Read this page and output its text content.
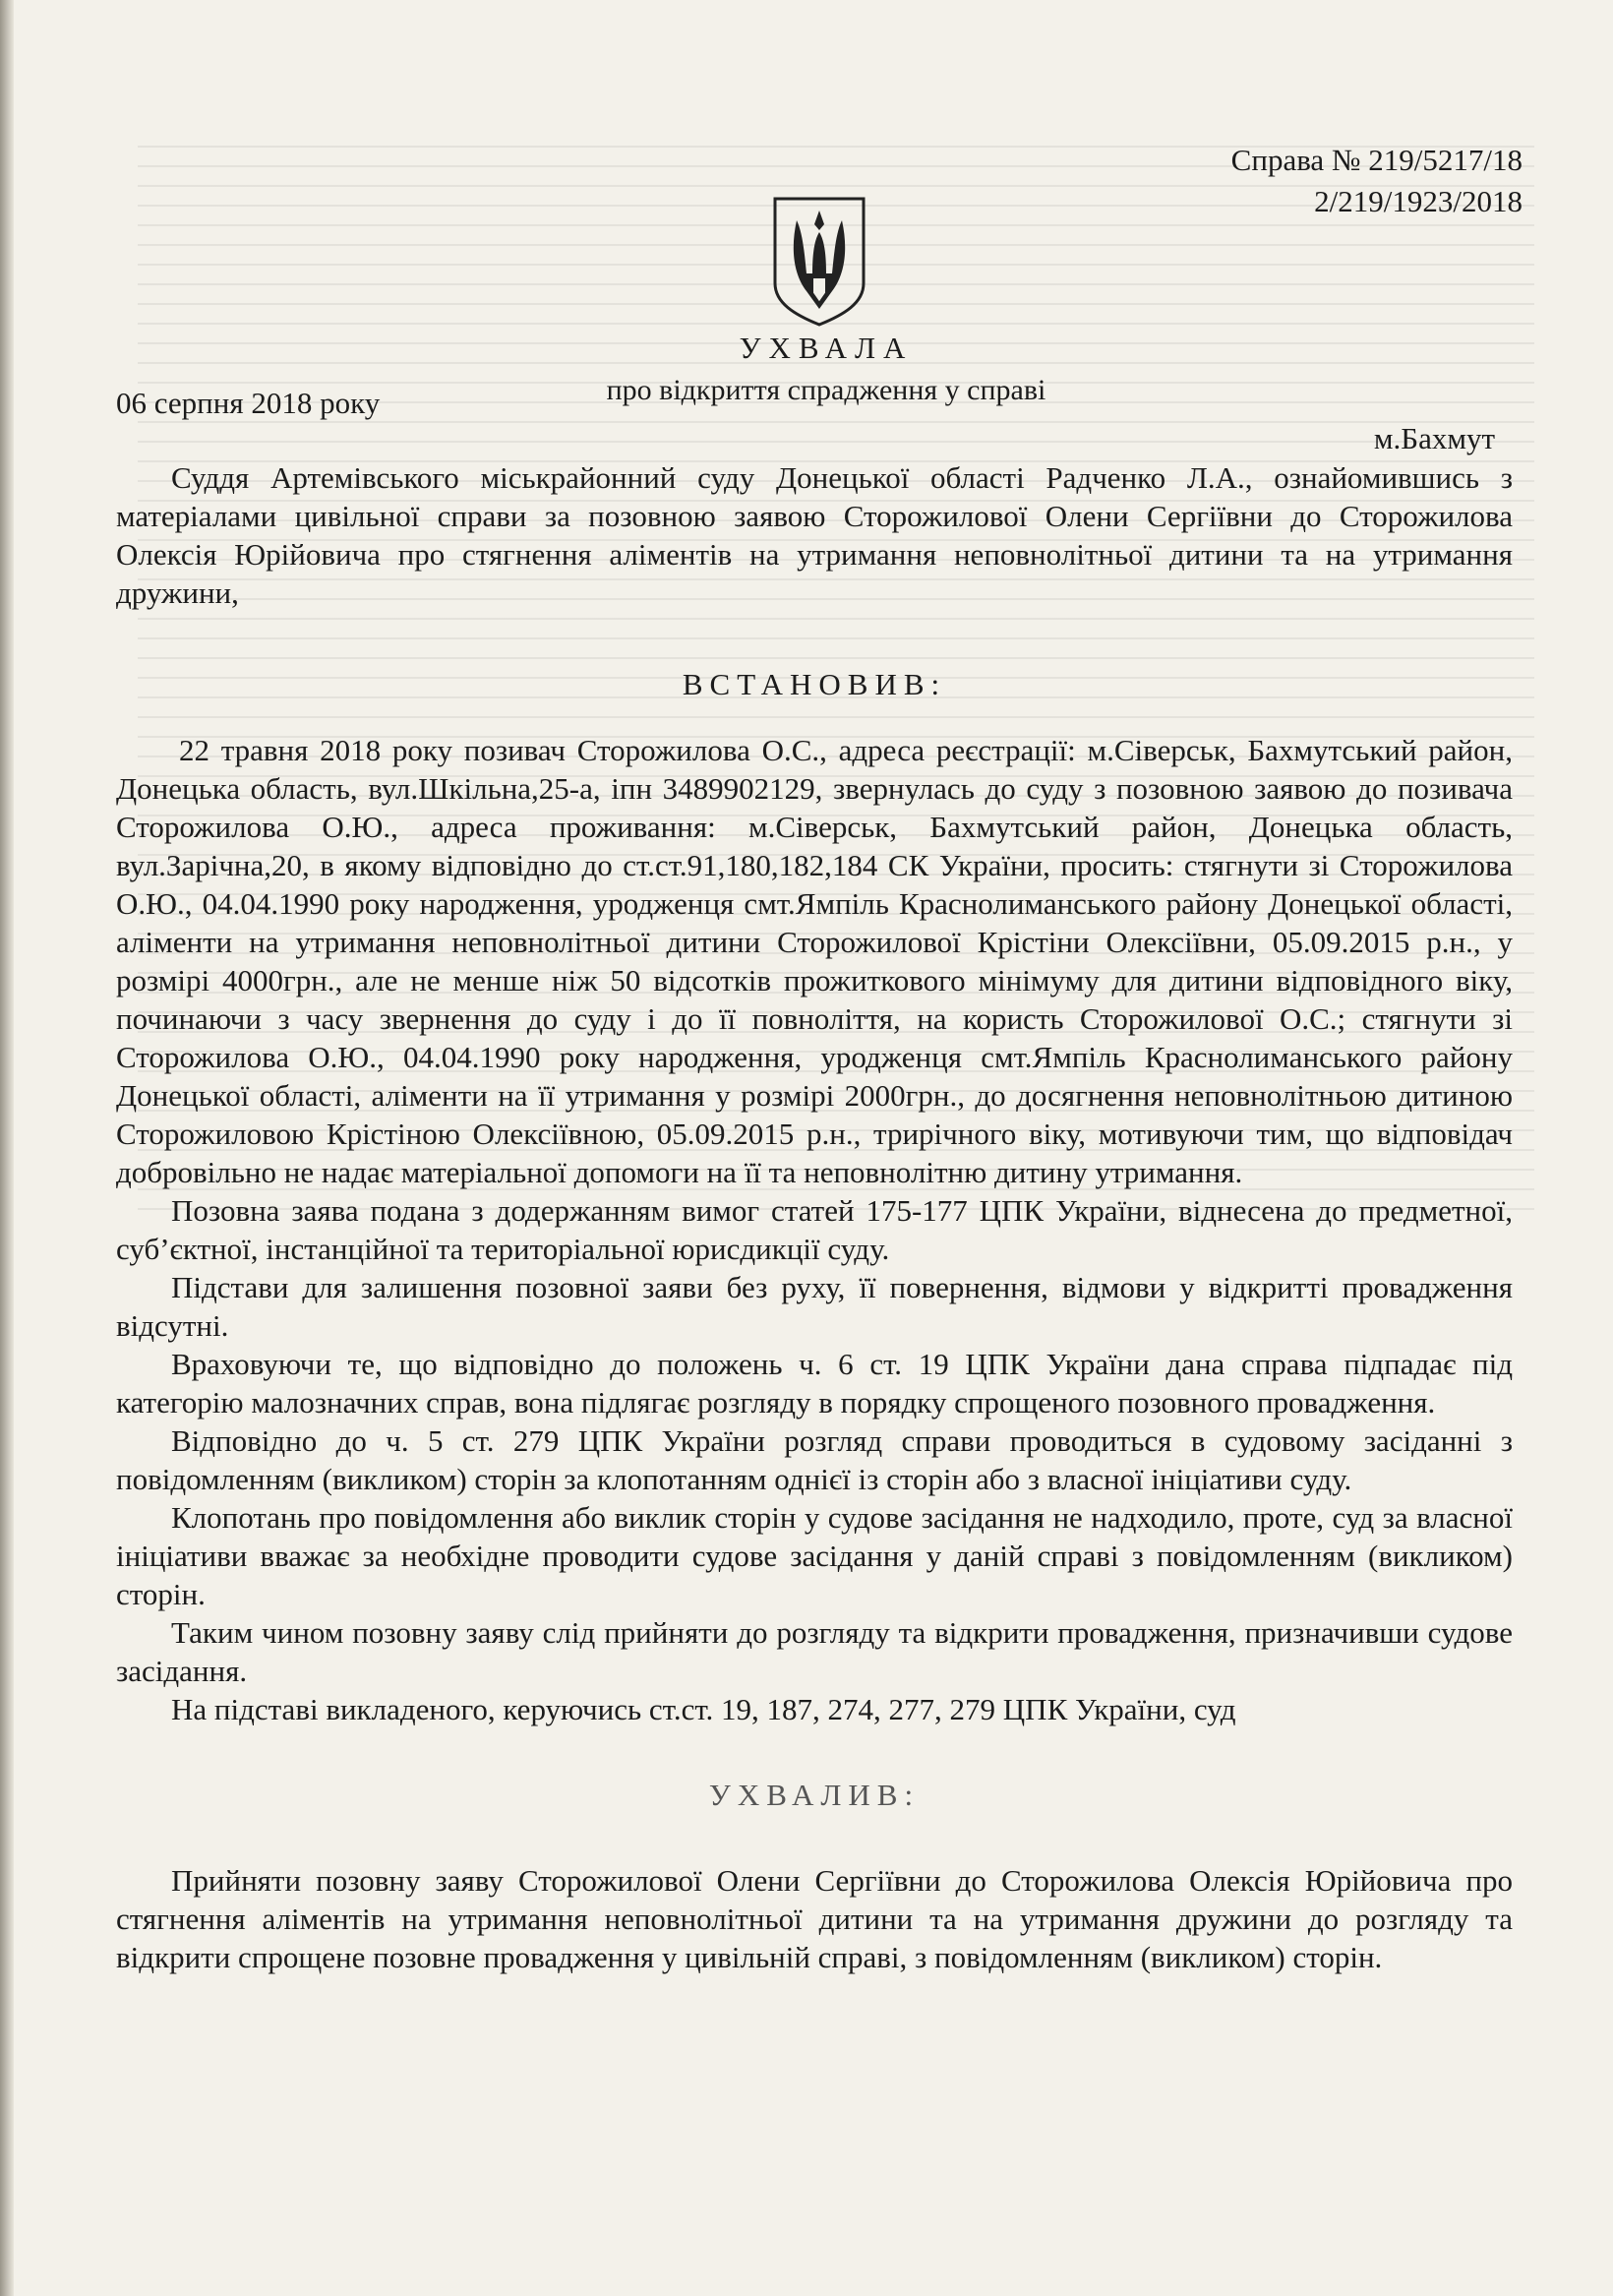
Справа № 219/5217/18
2/219/1923/2018
УХВАЛА
про відкриття спрадження у справі
06 серпня 2018 року
м.Бахмут

Суддя Артемівського міськрайонний суду Донецької області Радченко Л.А., ознайомившись з матеріалами цивільної справи за позовною заявою Сторожилової Олени Сергіївни до Сторожилова Олексія Юрійовича про стягнення аліментів на утримання неповнолітньої дитини та на утримання дружини,

ВСТАНОВИВ:

22 травня 2018 року позивач Сторожилова О.С., адреса реєстрації: м.Сіверськ, Бахмутський район, Донецька область, вул.Шкільна,25-а, іпн 3489902129, звернулась до суду з позовною заявою до позивача Сторожилова О.Ю., адреса проживання: м.Сіверськ, Бахмутський район, Донецька область, вул.Зарічна,20, в якому відповідно до ст.ст.91,180,182,184 СК України, просить: стягнути зі Сторожилова О.Ю., 04.04.1990 року народження, уродженця смт.Ямпіль Краснолиманського району Донецької області, аліменти на утримання неповнолітньої дитини Сторожилової Крістіни Олексіївни, 05.09.2015 р.н., у розмірі 4000грн., але не менше ніж 50 відсотків прожиткового мінімуму для дитини відповідного віку, починаючи з часу звернення до суду і до її повноліття, на користь Сторожилової О.С.; стягнути зі Сторожилова О.Ю., 04.04.1990 року народження, уродженця смт.Ямпіль Краснолиманського району Донецької області, аліменти на її утримання у розмірі 2000грн., до досягнення неповнолітньою дитиною Сторожиловою Крістіною Олексіївною, 05.09.2015 р.н., трирічного віку, мотивуючи тим, що відповідач добровільно не надає матеріальної допомоги на її та неповнолітню дитину утримання.

Позовна заява подана з додержанням вимог статей 175-177 ЦПК України, віднесена до предметної, суб’єктної, інстанційної та територіальної юрисдикції суду.

Підстави для залишення позовної заяви без руху, її повернення, відмови у відкритті провадження відсутні.

Враховуючи те, що відповідно до положень ч. 6 ст. 19 ЦПК України дана справа підпадає під категорію малозначних справ, вона підлягає розгляду в порядку спрощеного позовного провадження.

Відповідно до ч. 5 ст. 279 ЦПК України розгляд справи проводиться в судовому засіданні з повідомленням (викликом) сторін за клопотанням однієї із сторін або з власної ініціативи суду.

Клопотань про повідомлення або виклик сторін у судове засідання не надходило, проте, суд за власної ініціативи вважає за необхідне проводити судове засідання у даній справі з повідомленням (викликом) сторін.

Таким чином позовну заяву слід прийняти до розгляду та відкрити провадження, призначивши судове засідання.

На підставі викладеного, керуючись ст.ст. 19, 187, 274, 277, 279 ЦПК України, суд

УХВАЛИВ:

Прийняти позовну заяву Сторожилової Олени Сергіївни до Сторожилова Олексія Юрійовича про стягнення аліментів на утримання неповнолітньої дитини та на утримання дружини до розгляду та відкрити спрощене позовне провадження у цивільній справі, з повідомленням (викликом) сторін.
